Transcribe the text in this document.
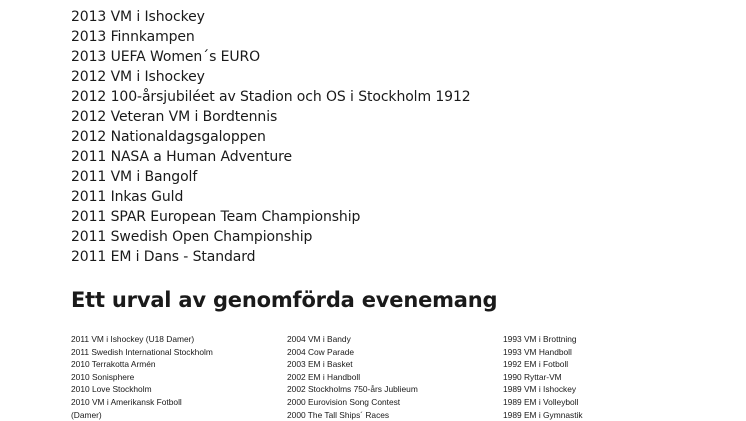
2013 VM i Ishockey
2013 Finnkampen
2013 UEFA Women´s EURO
2012 VM i Ishockey
2012 100-årsjubiléet av Stadion och OS i Stockholm 1912
2012 Veteran VM i Bordtennis
2012 Nationaldagsgaloppen
2011 NASA a Human Adventure
2011 VM i Bangolf
2011 Inkas Guld
2011 SPAR European Team Championship
2011 Swedish Open Championship
2011 EM i Dans - Standard
Ett urval av genomförda evenemang
2011 VM i Ishockey (U18 Damer)
2011 Swedish International Stockholm
2010 Terrakotta Armén
2010 Sonisphere
2010 Love Stockholm
2010 VM i Amerikansk Fotboll
(Damer)
2004 VM i Bandy
2004 Cow Parade
2003 EM i Basket
2002 EM i Handboll
2002 Stockholms 750-års Jublieum
2000 Eurovision Song Contest
2000 The Tall Ships´ Races
1993 VM i Brottning
1993 VM Handboll
1992 EM i Fotboll
1990 Ryttar-VM
1989 VM i Ishockey
1989 EM i Volleyboll
1989 EM i Gymnastik
